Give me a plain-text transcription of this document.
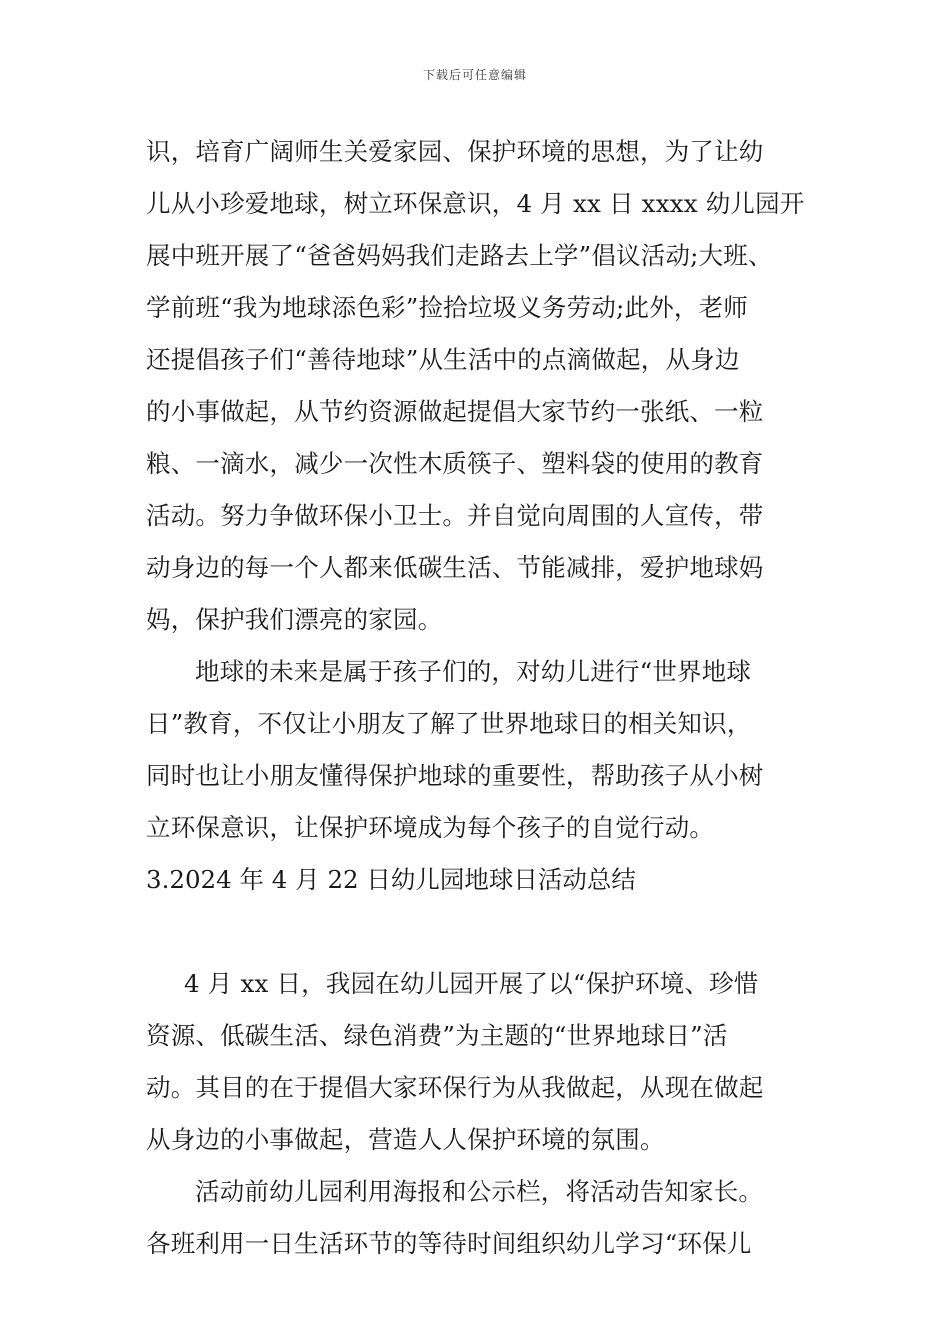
下载后可任意编辑
识，培育广阔师生关爱家园、保护环境的思想，为了让幼
儿从小珍爱地球，树立环保意识，4 月 xx 日 xxxx 幼儿园开
展中班开展了“爸爸妈妈我们走路去上学”倡议活动;大班、
学前班“我为地球添色彩”捡拾垃圾义务劳动;此外，老师
还提倡孩子们“善待地球”从生活中的点滴做起，从身边
的小事做起，从节约资源做起提倡大家节约一张纸、一粒
粮、一滴水，减少一次性木质筷子、塑料袋的使用的教育
活动。努力争做环保小卫士。并自觉向周围的人宣传，带
动身边的每一个人都来低碳生活、节能减排，爱护地球妈
妈，保护我们漂亮的家园。
地球的未来是属于孩子们的，对幼儿进行“世界地球
日”教育，不仅让小朋友了解了世界地球日的相关知识，
同时也让小朋友懂得保护地球的重要性，帮助孩子从小树
立环保意识，让保护环境成为每个孩子的自觉行动。
3.2024 年 4 月 22 日幼儿园地球日活动总结
4 月 xx 日，我园在幼儿园开展了以“保护环境、珍惜
资源、低碳生活、绿色消费”为主题的“世界地球日”活
动。其目的在于提倡大家环保行为从我做起，从现在做起
从身边的小事做起，营造人人保护环境的氛围。
活动前幼儿园利用海报和公示栏，将活动告知家长。
各班利用一日生活环节的等待时间组织幼儿学习“环保儿
